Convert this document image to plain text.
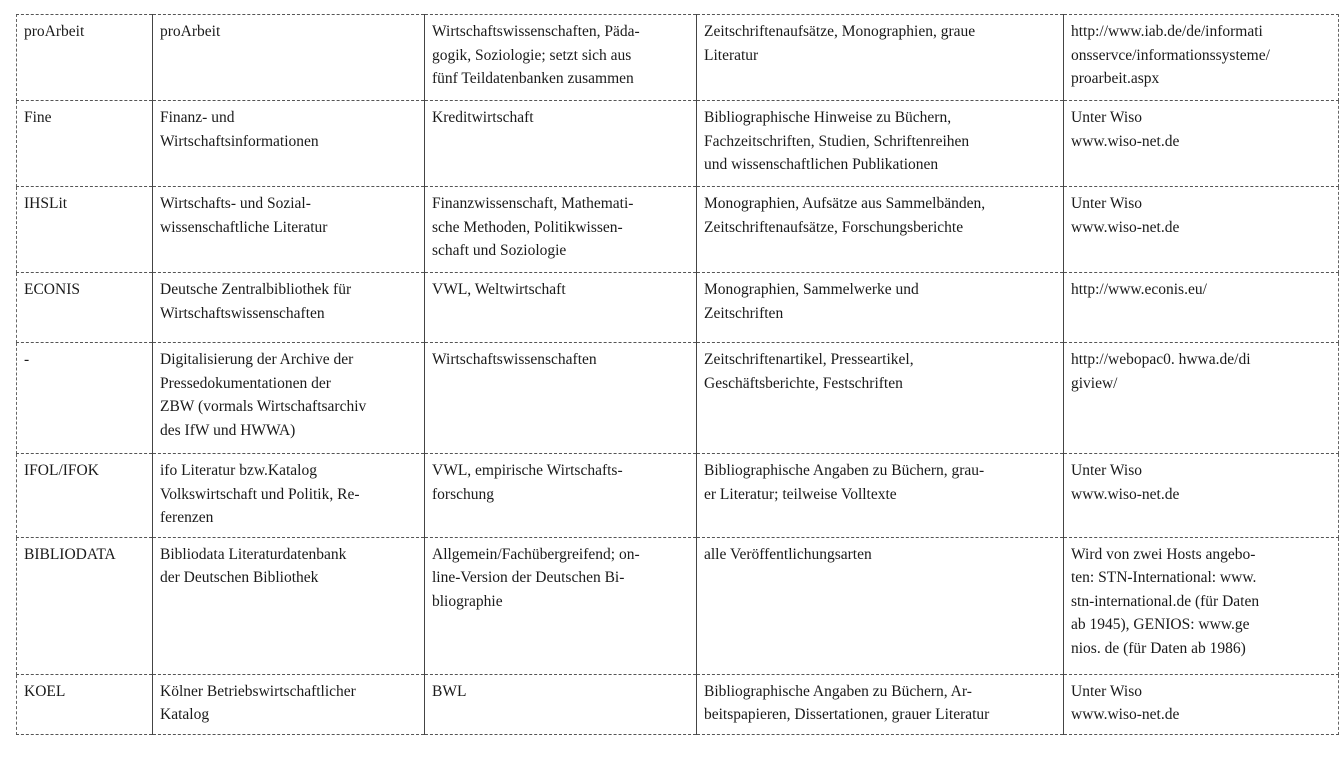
proArbeit	proArbeit	Wirtschaftswissenschaften, Päda-
gogik, Soziologie; setzt sich aus
fünf Teildatenbanken zusammen	Zeitschriftenaufsätze, Monographien, graue
Literatur	http://www.iab.de/de/informati
onsservce/informationssysteme/
proarbeit.aspx

Fine	Finanz- und
Wirtschaftsinformationen	Kreditwirtschaft	Bibliographische Hinweise zu Büchern,
Fachzeitschriften, Studien, Schriftenreihen
und wissenschaftlichen Publikationen	Unter Wiso
www.wiso-net.de

IHSLit	Wirtschafts- und Sozial-
wissenschaftliche Literatur	Finanzwissenschaft, Mathemati-
sche Methoden, Politikwissen-
schaft und Soziologie	Monographien, Aufsätze aus Sammelbänden,
Zeitschriftenaufsätze, Forschungsberichte	Unter Wiso
www.wiso-net.de

ECONIS	Deutsche Zentralbibliothek für
Wirtschaftswissenschaften	VWL, Weltwirtschaft	Monographien, Sammelwerke und
Zeitschriften	http://www.econis.eu/

-	Digitalisierung der Archive der
Pressedokumentationen der
ZBW (vormals Wirtschaftsarchiv
des IfW und HWWA)	Wirtschaftswissenschaften	Zeitschriftenartikel, Presseartikel,
Geschäftsberichte, Festschriften	http://webopac0. hwwa.de/di
giview/

IFOL/IFOK	ifo Literatur bzw.Katalog
Volkswirtschaft und Politik, Re-
ferenzen	VWL, empirische Wirtschafts-
forschung	Bibliographische Angaben zu Büchern, grau-
er Literatur; teilweise Volltexte	Unter Wiso
www.wiso-net.de

BIBLIODATA	Bibliodata Literaturdatenbank
der Deutschen Bibliothek	Allgemein/Fachübergreifend; on-
line-Version der Deutschen Bi-
bliographie	alle Veröffentlichungsarten	Wird von zwei Hosts angebo-
ten: STN-International: www.
stn-international.de (für Daten
ab 1945), GENIOS: www.ge
nios. de (für Daten ab 1986)

KOEL	Kölner Betriebswirtschaftlicher
Katalog	BWL	Bibliographische Angaben zu Büchern, Ar-
beitspapieren, Dissertationen, grauer Literatur	Unter Wiso
www.wiso-net.de
